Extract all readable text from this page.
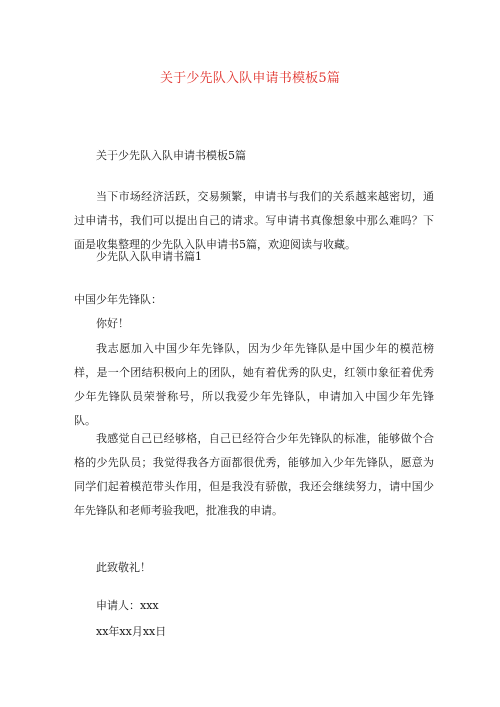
关于少先队入队申请书模板5篇
关于少先队入队申请书模板5篇
当下市场经济活跃，交易频繁，申请书与我们的关系越来越密切，通过申请书，我们可以提出自己的请求。写申请书真像想象中那么难吗？下面是收集整理的少先队入队申请书5篇，欢迎阅读与收藏。
少先队入队申请书篇1
中国少年先锋队：
你好！
我志愿加入中国少年先锋队，因为少年先锋队是中国少年的模范榜样，是一个团结积极向上的团队，她有着优秀的队史，红领巾象征着优秀少年先锋队员荣誉称号，所以我爱少年先锋队，申请加入中国少年先锋队。
我感觉自己已经够格，自己已经符合少年先锋队的标准，能够做个合格的少先队员；我觉得我各方面都很优秀，能够加入少年先锋队，愿意为同学们起着模范带头作用，但是我没有骄傲，我还会继续努力，请中国少年先锋队和老师考验我吧，批准我的申请。
此致敬礼！
申请人：xxx
xx年xx月xx日
